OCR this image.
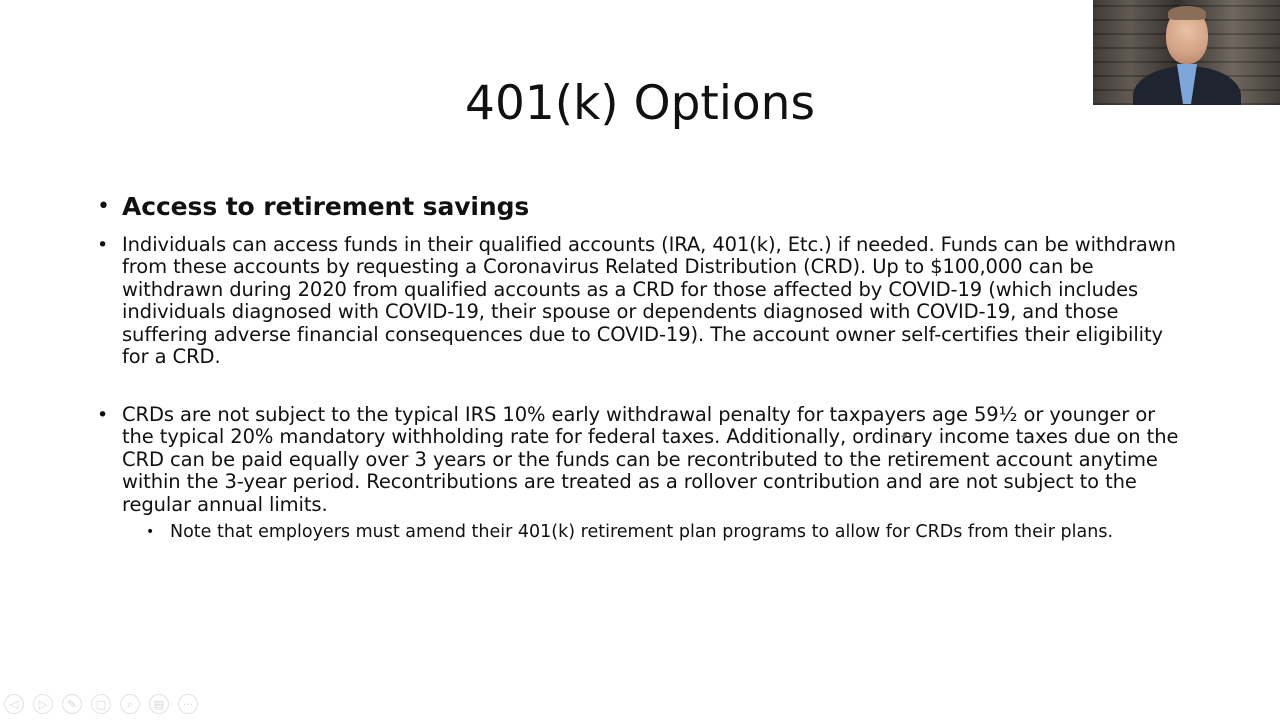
401(k) Options
• Access to retirement savings
• Individuals can access funds in their qualified accounts (IRA, 401(k), Etc.) if needed. Funds can be withdrawn from these accounts by requesting a Coronavirus Related Distribution (CRD). Up to $100,000 can be withdrawn during 2020 from qualified accounts as a CRD for those affected by COVID-19 (which includes individuals diagnosed with COVID-19, their spouse or dependents diagnosed with COVID-19, and those suffering adverse financial consequences due to COVID-19). The account owner self-certifies their eligibility for a CRD.
• CRDs are not subject to the typical IRS 10% early withdrawal penalty for taxpayers age 59½ or younger or the typical 20% mandatory withholding rate for federal taxes. Additionally, ordinary income taxes due on the CRD can be paid equally over 3 years or the funds can be recontributed to the retirement account anytime within the 3-year period. Recontributions are treated as a rollover contribution and are not subject to the regular annual limits.
• Note that employers must amend their 401(k) retirement plan programs to allow for CRDs from their plans.
◁	▷	✎	▢	⌕	▤	···
